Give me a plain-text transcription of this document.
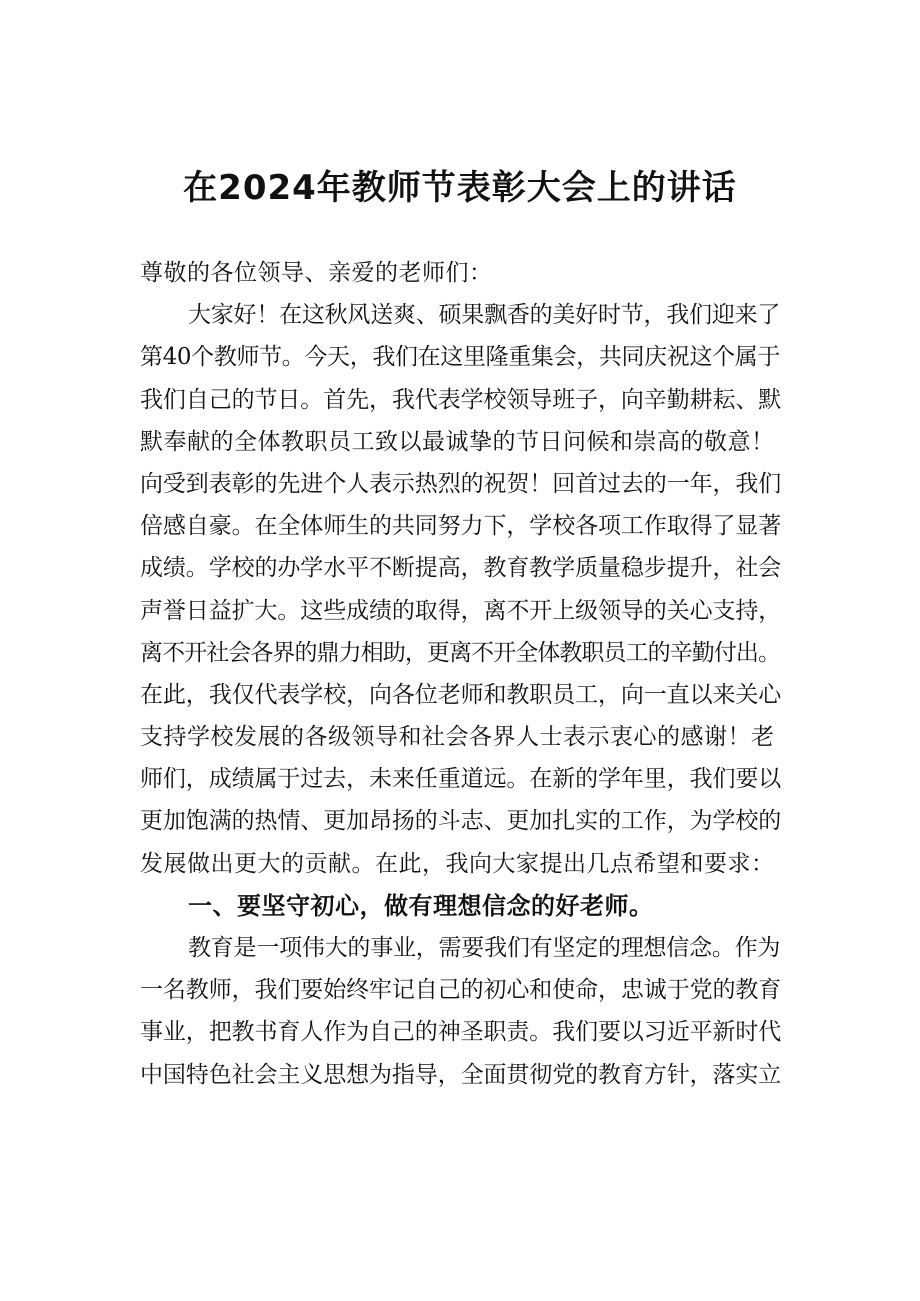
在2024年教师节表彰大会上的讲话
尊敬的各位领导、亲爱的老师们：
大家好！在这秋风送爽、硕果飘香的美好时节，我们迎来了
第40个教师节。今天，我们在这里隆重集会，共同庆祝这个属于
我们自己的节日。首先，我代表学校领导班子，向辛勤耕耘、默
默奉献的全体教职员工致以最诚挚的节日问候和崇高的敬意！
向受到表彰的先进个人表示热烈的祝贺！回首过去的一年，我们
倍感自豪。在全体师生的共同努力下，学校各项工作取得了显著
成绩。学校的办学水平不断提高，教育教学质量稳步提升，社会
声誉日益扩大。这些成绩的取得，离不开上级领导的关心支持，
离不开社会各界的鼎力相助，更离不开全体教职员工的辛勤付出。
在此，我仅代表学校，向各位老师和教职员工，向一直以来关心
支持学校发展的各级领导和社会各界人士表示衷心的感谢！老
师们，成绩属于过去，未来任重道远。在新的学年里，我们要以
更加饱满的热情、更加昂扬的斗志、更加扎实的工作，为学校的
发展做出更大的贡献。在此，我向大家提出几点希望和要求：
一、要坚守初心，做有理想信念的好老师。
教育是一项伟大的事业，需要我们有坚定的理想信念。作为
一名教师，我们要始终牢记自己的初心和使命，忠诚于党的教育
事业，把教书育人作为自己的神圣职责。我们要以习近平新时代
中国特色社会主义思想为指导，全面贯彻党的教育方针，落实立
